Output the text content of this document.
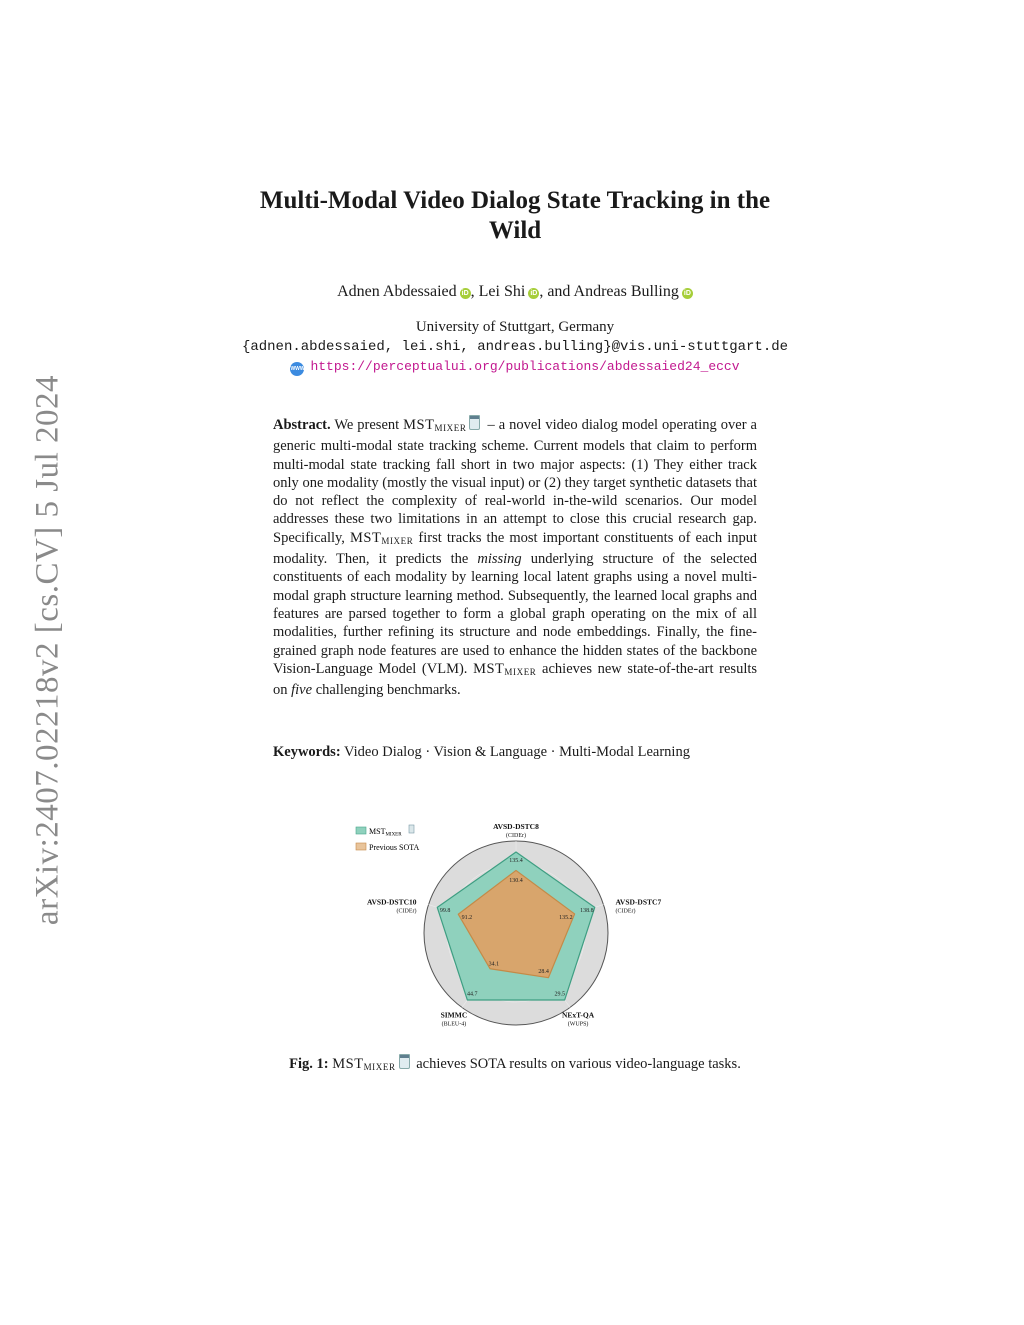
arXiv:2407.02218v2 [cs.CV] 5 Jul 2024
Multi-Modal Video Dialog State Tracking in the
Wild
Adnen Abdessaied iD , Lei Shi iD , and Andreas Bulling iD
University of Stuttgart, Germany
{adnen.abdessaied, lei.shi, andreas.bulling}@vis.uni-stuttgart.de
WWW https://perceptualui.org/publications/abdessaied24_eccv
Abstract. We present $MST_{MIXER}$ – a novel video dialog model operating over a generic multi-modal state tracking scheme. Current models that claim to perform multi-modal state tracking fall short in two major aspects: (1) They either track only one modality (mostly the visual input) or (2) they target synthetic datasets that do not reflect the complexity of real-world in-the-wild scenarios. Our model addresses these two limitations in an attempt to close this crucial research gap. Specifically, $MST_{MIXER}$ first tracks the most important constituents of each input modality. Then, it predicts the missing underlying structure of the selected constituents of each modality by learning local latent graphs using a novel multi-modal graph structure learning method. Subsequently, the learned local graphs and features are parsed together to form a global graph operating on the mix of all modalities, further refining its structure and node embeddings. Finally, the fine-grained graph node features are used to enhance the hidden states of the backbone Vision-Language Model (VLM). $MST_{MIXER}$ achieves new state-of-the-art results on five challenging benchmarks.
Keywords: Video Dialog · Vision & Language · Multi-Modal Learning
MSTMIXER
Previous SOTA
135.4
138.8
29.5
44.7
99.8
130.4
135.2
28.4
34.1
91.2
AVSD-DSTC8
(CIDEr)
AVSD-DSTC7
(CIDEr)
NExT-QA
(WUPS)
SIMMC
(BLEU-4)
AVSD-DSTC10
(CIDEr)
Fig. 1: $MST_{MIXER}$ achieves SOTA results on various video-language tasks.
